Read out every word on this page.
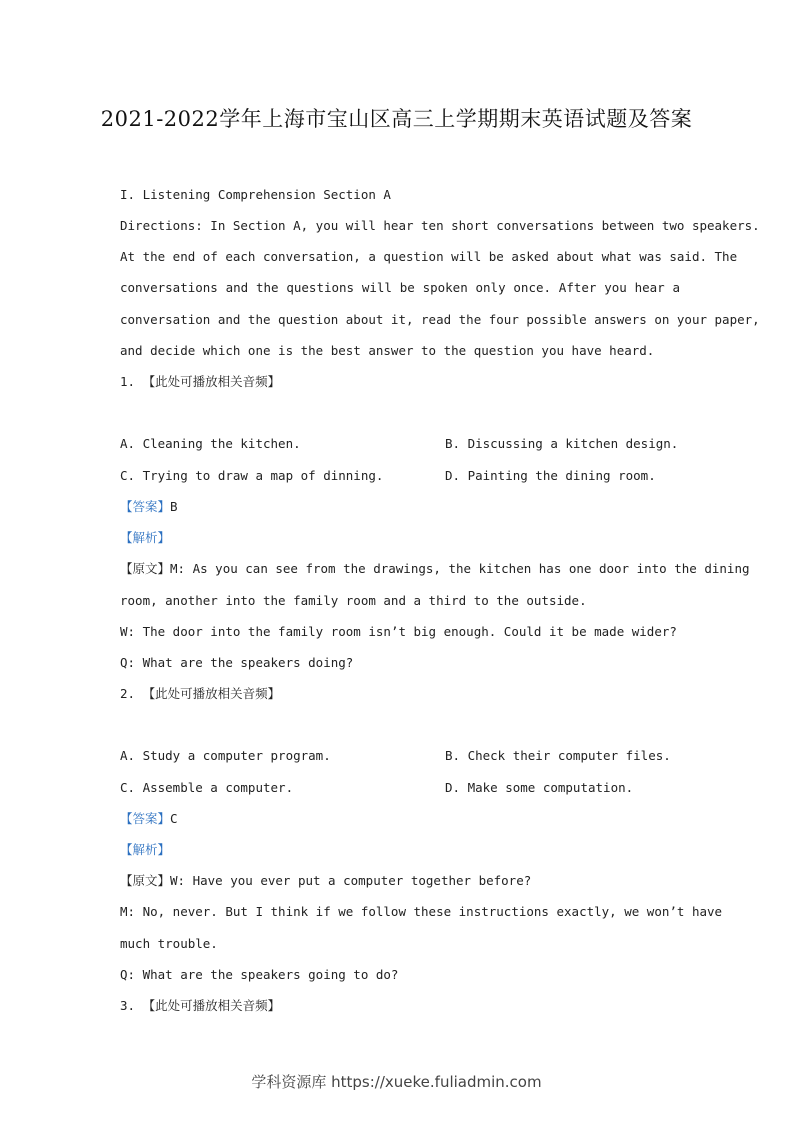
2021-2022学年上海市宝山区高三上学期期末英语试题及答案
I. Listening Comprehension Section A
Directions: In Section A, you will hear ten short conversations between two speakers.
At the end of each conversation, a question will be asked about what was said. The
conversations and the questions will be spoken only once. After you hear a
conversation and the question about it, read the four possible answers on your paper,
and decide which one is the best answer to the question you have heard.
1. 【此处可播放相关音频】
A. Cleaning the kitchen.	B. Discussing a kitchen design.
C. Trying to draw a map of dinning.	D. Painting the dining room.
【答案】B
【解析】
【原文】M: As you can see from the drawings, the kitchen has one door into the dining
room, another into the family room and a third to the outside.
W: The door into the family room isn’t big enough. Could it be made wider?
Q: What are the speakers doing?
2. 【此处可播放相关音频】
A. Study a computer program.	B. Check their computer files.
C. Assemble a computer.	D. Make some computation.
【答案】C
【解析】
【原文】W: Have you ever put a computer together before?
M: No, never. But I think if we follow these instructions exactly, we won’t have
much trouble.
Q: What are the speakers going to do?
3. 【此处可播放相关音频】
学科资源库 https://xueke.fuliadmin.com
